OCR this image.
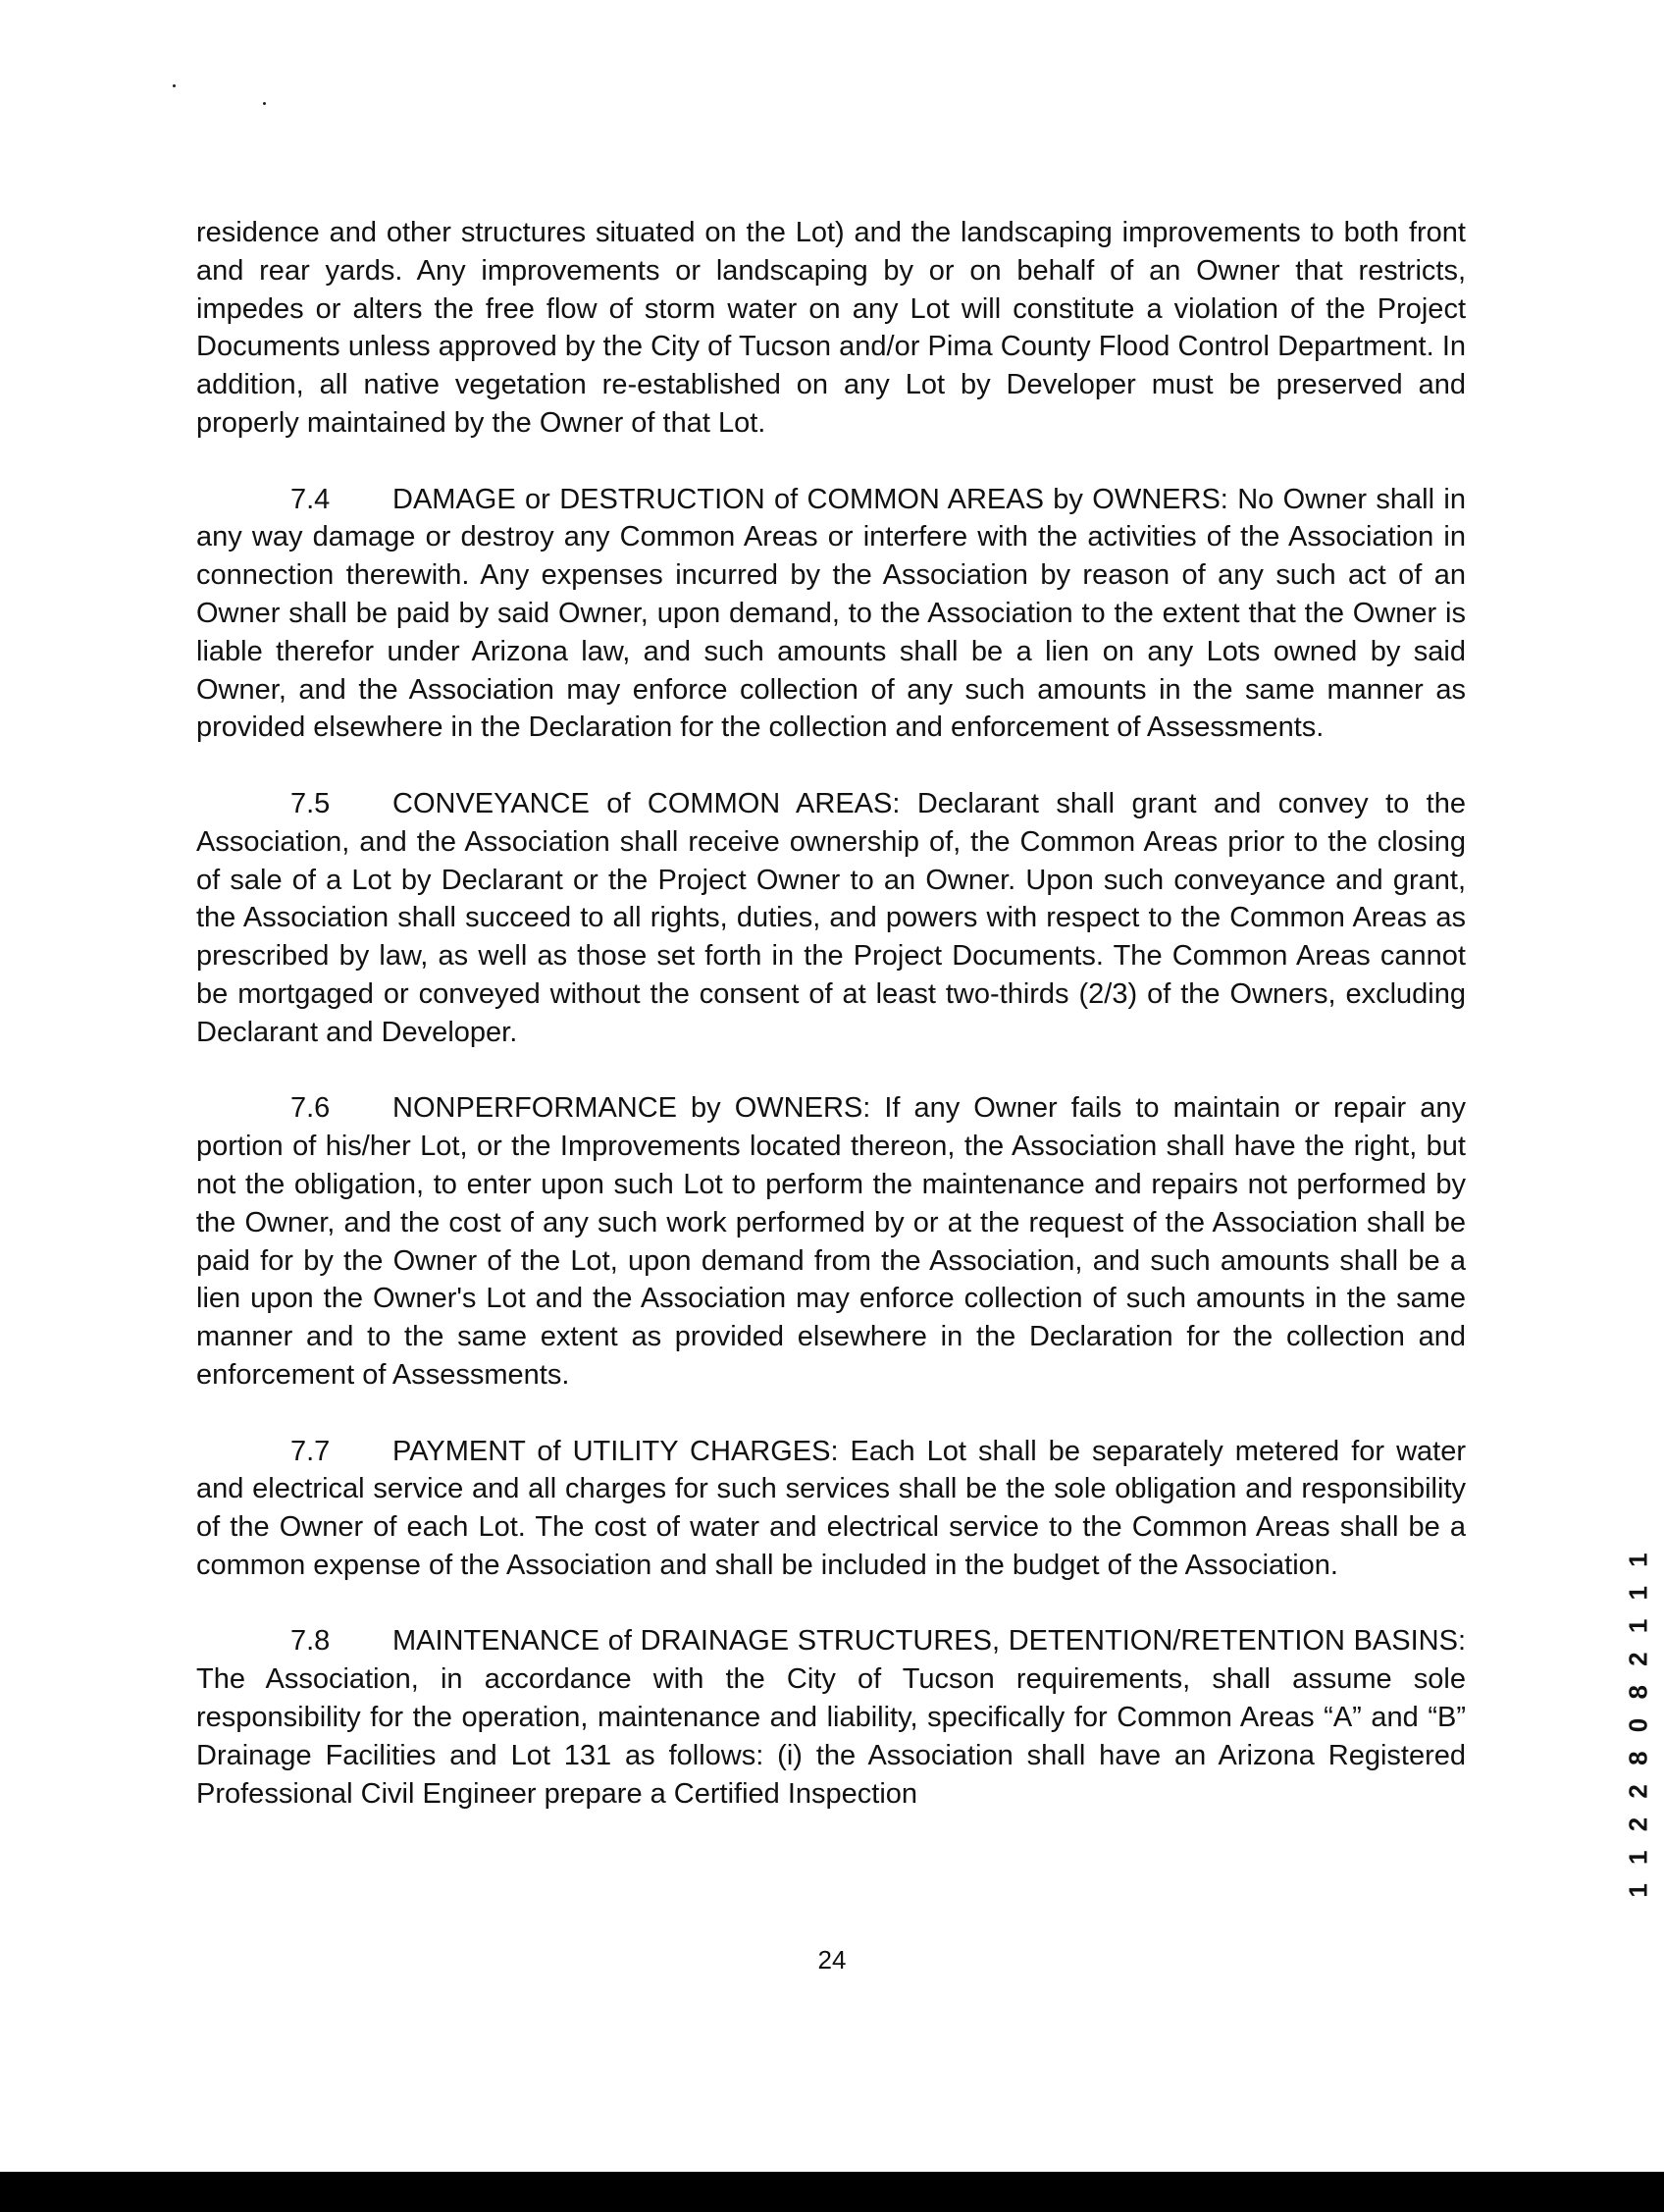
residence and other structures situated on the Lot) and the landscaping improvements to both front and rear yards. Any improvements or landscaping by or on behalf of an Owner that restricts, impedes or alters the free flow of storm water on any Lot will constitute a violation of the Project Documents unless approved by the City of Tucson and/or Pima County Flood Control Department. In addition, all native vegetation re-established on any Lot by Developer must be preserved and properly maintained by the Owner of that Lot.

7.4 DAMAGE or DESTRUCTION of COMMON AREAS by OWNERS: No Owner shall in any way damage or destroy any Common Areas or interfere with the activities of the Association in connection therewith. Any expenses incurred by the Association by reason of any such act of an Owner shall be paid by said Owner, upon demand, to the Association to the extent that the Owner is liable therefor under Arizona law, and such amounts shall be a lien on any Lots owned by said Owner, and the Association may enforce collection of any such amounts in the same manner as provided elsewhere in the Declaration for the collection and enforcement of Assessments.

7.5 CONVEYANCE of COMMON AREAS: Declarant shall grant and convey to the Association, and the Association shall receive ownership of, the Common Areas prior to the closing of sale of a Lot by Declarant or the Project Owner to an Owner. Upon such conveyance and grant, the Association shall succeed to all rights, duties, and powers with respect to the Common Areas as prescribed by law, as well as those set forth in the Project Documents. The Common Areas cannot be mortgaged or conveyed without the consent of at least two-thirds (2/3) of the Owners, excluding Declarant and Developer.

7.6 NONPERFORMANCE by OWNERS: If any Owner fails to maintain or repair any portion of his/her Lot, or the Improvements located thereon, the Association shall have the right, but not the obligation, to enter upon such Lot to perform the maintenance and repairs not performed by the Owner, and the cost of any such work performed by or at the request of the Association shall be paid for by the Owner of the Lot, upon demand from the Association, and such amounts shall be a lien upon the Owner's Lot and the Association may enforce collection of such amounts in the same manner and to the same extent as provided elsewhere in the Declaration for the collection and enforcement of Assessments.

7.7 PAYMENT of UTILITY CHARGES: Each Lot shall be separately metered for water and electrical service and all charges for such services shall be the sole obligation and responsibility of the Owner of each Lot. The cost of water and electrical service to the Common Areas shall be a common expense of the Association and shall be included in the budget of the Association.

7.8 MAINTENANCE of DRAINAGE STRUCTURES, DETENTION/RETENTION BASINS: The Association, in accordance with the City of Tucson requirements, shall assume sole responsibility for the operation, maintenance and liability, specifically for Common Areas “A” and “B” Drainage Facilities and Lot 131 as follows: (i) the Association shall have an Arizona Registered Professional Civil Engineer prepare a Certified Inspection

24
1 1 2 2 8 0 8 2 1 1 1
